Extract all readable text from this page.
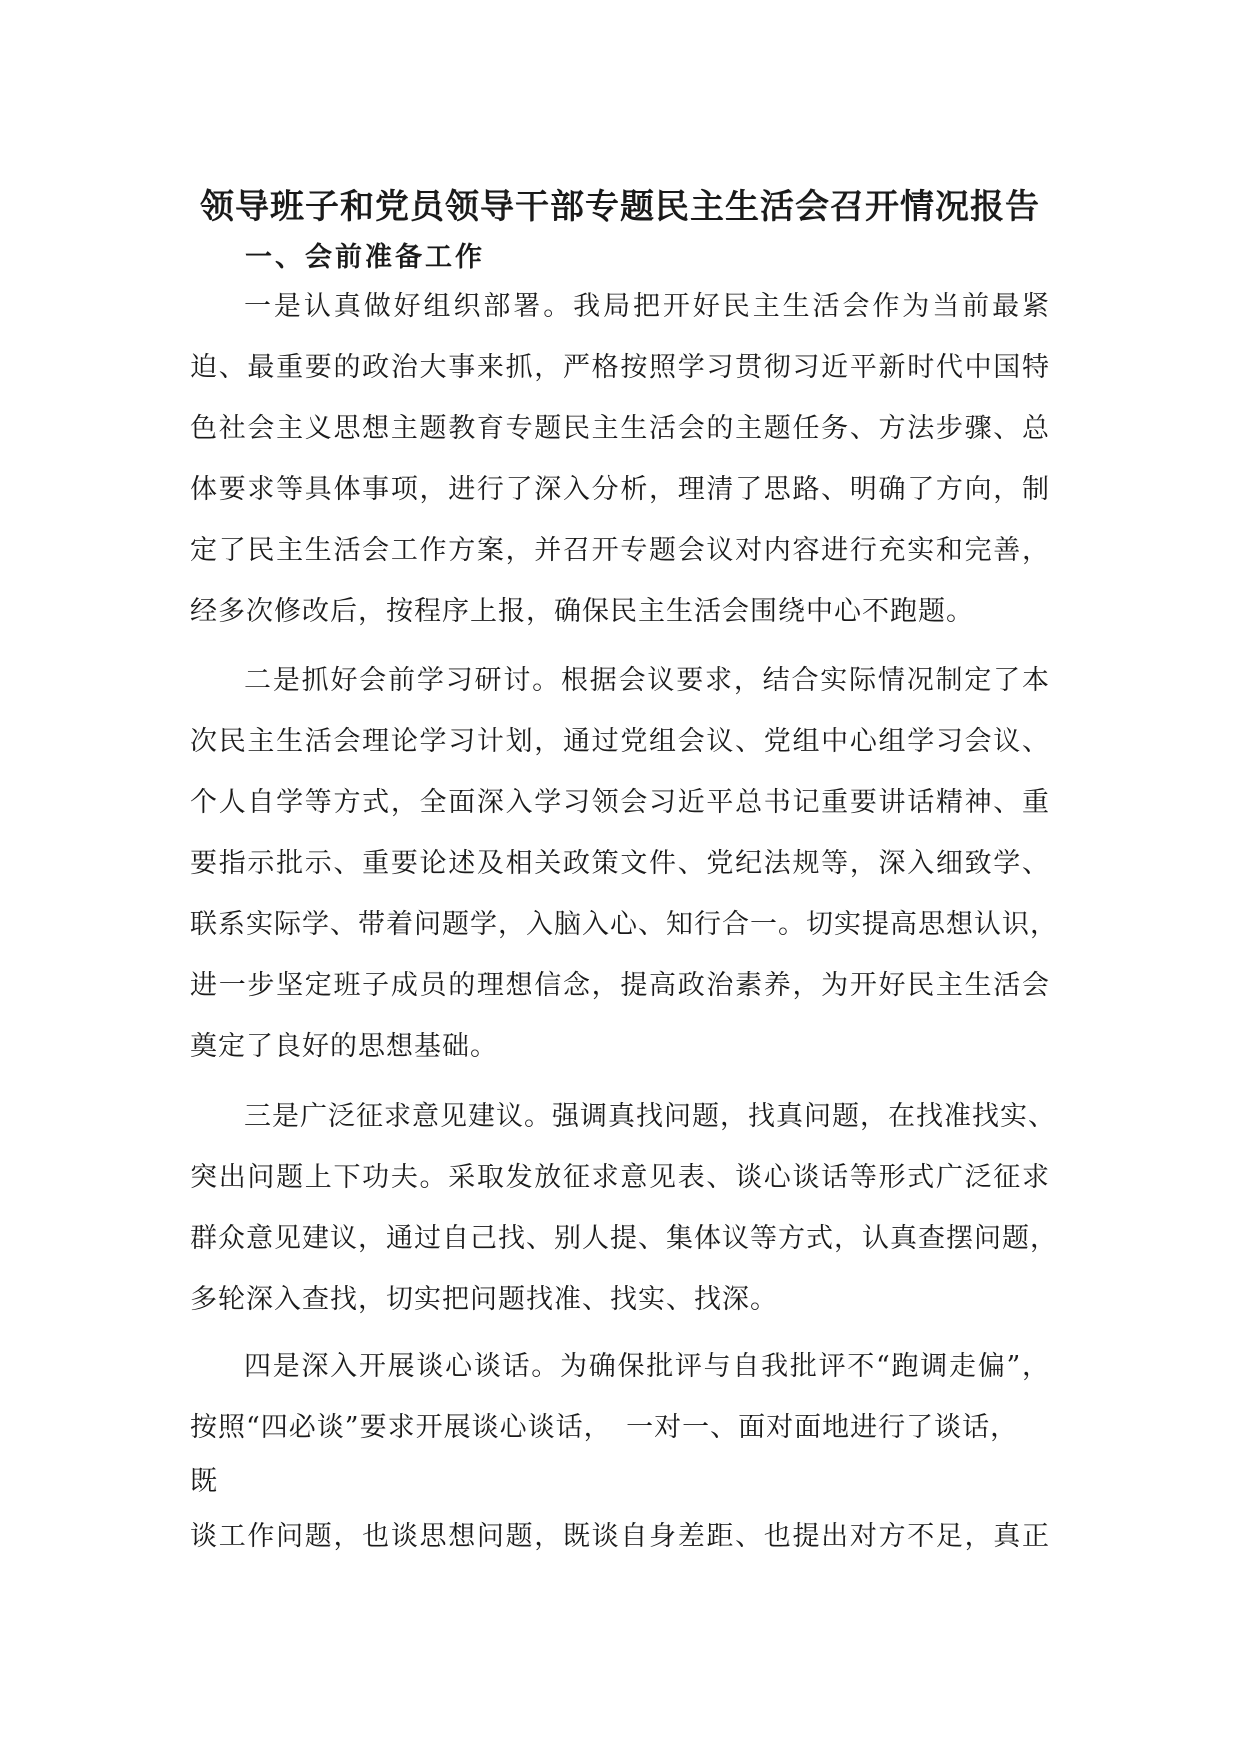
领导班子和党员领导干部专题民主生活会召开情况报告
一、会前准备工作
一是认真做好组织部署。我局把开好民主生活会作为当前最紧
迫、最重要的政治大事来抓，严格按照学习贯彻习近平新时代中国特
色社会主义思想主题教育专题民主生活会的主题任务、方法步骤、总
体要求等具体事项，进行了深入分析，理清了思路、明确了方向，制
定了民主生活会工作方案，并召开专题会议对内容进行充实和完善，
经多次修改后，按程序上报，确保民主生活会围绕中心不跑题。
二是抓好会前学习研讨。根据会议要求，结合实际情况制定了本
次民主生活会理论学习计划，通过党组会议、党组中心组学习会议、
个人自学等方式，全面深入学习领会习近平总书记重要讲话精神、重
要指示批示、重要论述及相关政策文件、党纪法规等，深入细致学、
联系实际学、带着问题学，入脑入心、知行合一。切实提高思想认识，
进一步坚定班子成员的理想信念，提高政治素养，为开好民主生活会
奠定了良好的思想基础。
三是广泛征求意见建议。强调真找问题，找真问题，在找准找实、
突出问题上下功夫。采取发放征求意见表、谈心谈话等形式广泛征求
群众意见建议，通过自己找、别人提、集体议等方式，认真查摆问题，
多轮深入查找，切实把问题找准、找实、找深。
四是深入开展谈心谈话。为确保批评与自我批评不“跑调走偏”，
按照“四必谈”要求开展谈心谈话，　一对一、面对面地进行了谈话，
既
谈工作问题，也谈思想问题，既谈自身差距、也提出对方不足，真正
